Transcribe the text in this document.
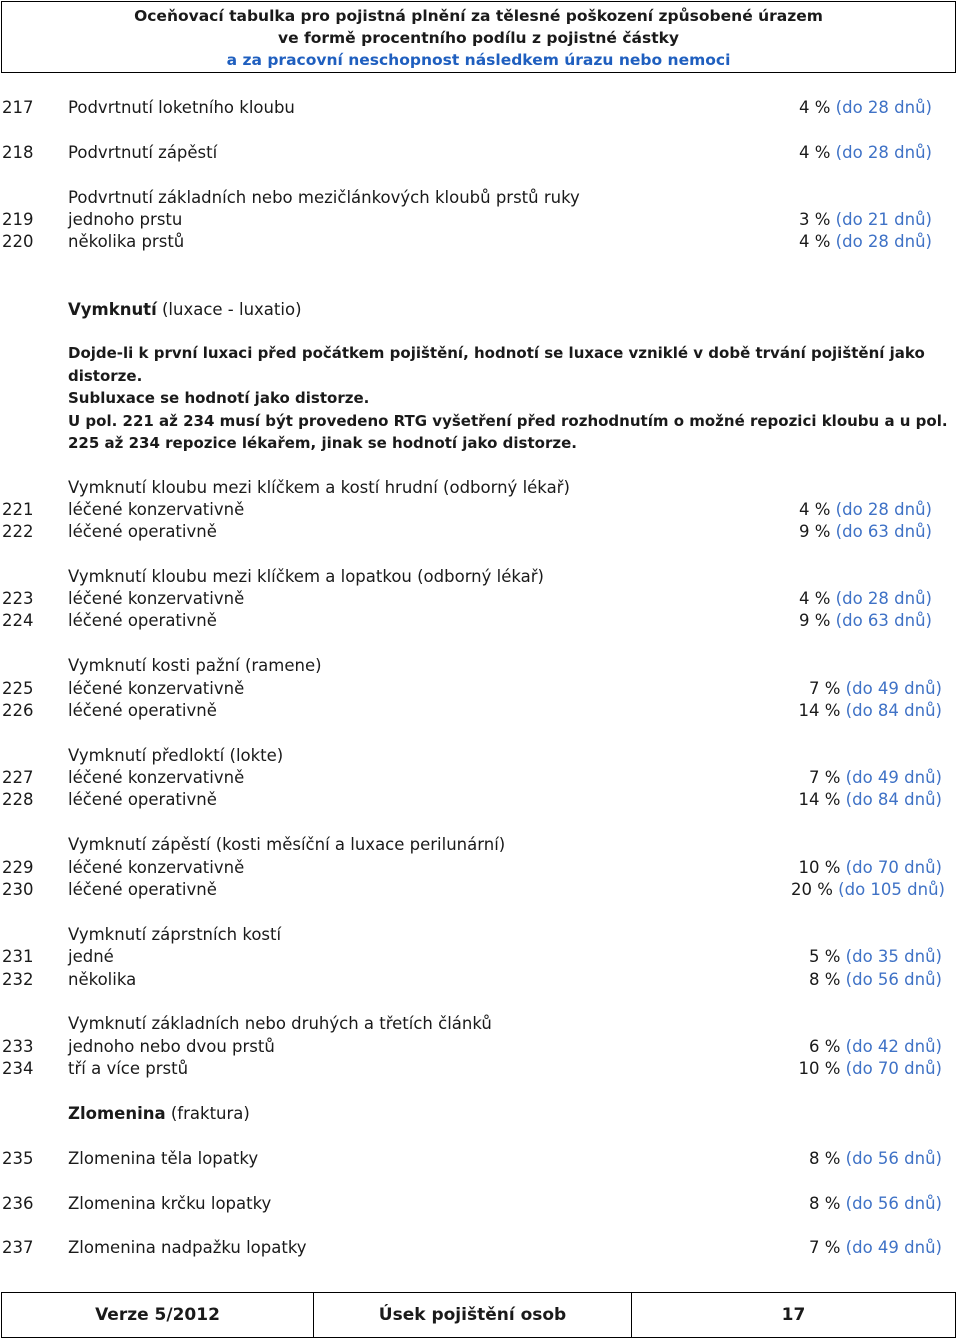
Oceňovací tabulka pro pojistná plnění za tělesné poškození způsobené úrazem
ve formě procentního podílu z pojistné částky
a za pracovní neschopnost následkem úrazu nebo nemoci
217 Podvrtnutí loketního kloubu	4 % (do 28 dnů)
218 Podvrtnutí zápěstí	4 % (do 28 dnů)
Podvrtnutí základních nebo mezičlánkových kloubů prstů ruky
219 jednoho prstu	3 % (do 21 dnů)
220 několika prstů	4 % (do 28 dnů)
Vymknutí (luxace - luxatio)

Dojde-li k první luxaci před počátkem pojištění, hodnotí se luxace vzniklé v době trvání pojištění jako distorze.

Subluxace se hodnotí jako distorze.

U pol. 221 až 234 musí být provedeno RTG vyšetření před rozhodnutím o možné repozici kloubu a u pol. 225 až 234 repozice lékařem, jinak se hodnotí jako distorze.

Vymknutí kloubu mezi klíčkem a kostí hrudní (odborný lékař)
221 léčené konzervativně	4 % (do 28 dnů)
222 léčené operativně	9 % (do 63 dnů)
Vymknutí kloubu mezi klíčkem a lopatkou (odborný lékař)
223 léčené konzervativně	4 % (do 28 dnů)
224 léčené operativně	9 % (do 63 dnů)
Vymknutí kosti pažní (ramene)
225 léčené konzervativně	7 % (do 49 dnů)
226 léčené operativně	14 % (do 84 dnů)
Vymknutí předloktí (lokte)
227 léčené konzervativně	7 % (do 49 dnů)
228 léčené operativně	14 % (do 84 dnů)
Vymknutí zápěstí (kosti měsíční a luxace perilunární)
229 léčené konzervativně	10 % (do 70 dnů)
230 léčené operativně	20 % (do 105 dnů)
Vymknutí záprstních kostí
231 jedné	5 % (do 35 dnů)
232 několika	8 % (do 56 dnů)
Vymknutí základních nebo druhých a třetích článků
233 jednoho nebo dvou prstů	6 % (do 42 dnů)
234 tří a více prstů	10 % (do 70 dnů)
Zlomenina (fraktura)
235 Zlomenina těla lopatky	8 % (do 56 dnů)
236 Zlomenina krčku lopatky	8 % (do 56 dnů)
237 Zlomenina nadpažku lopatky	7 % (do 49 dnů)
Verze 5/2012	Úsek pojištění osob	17
